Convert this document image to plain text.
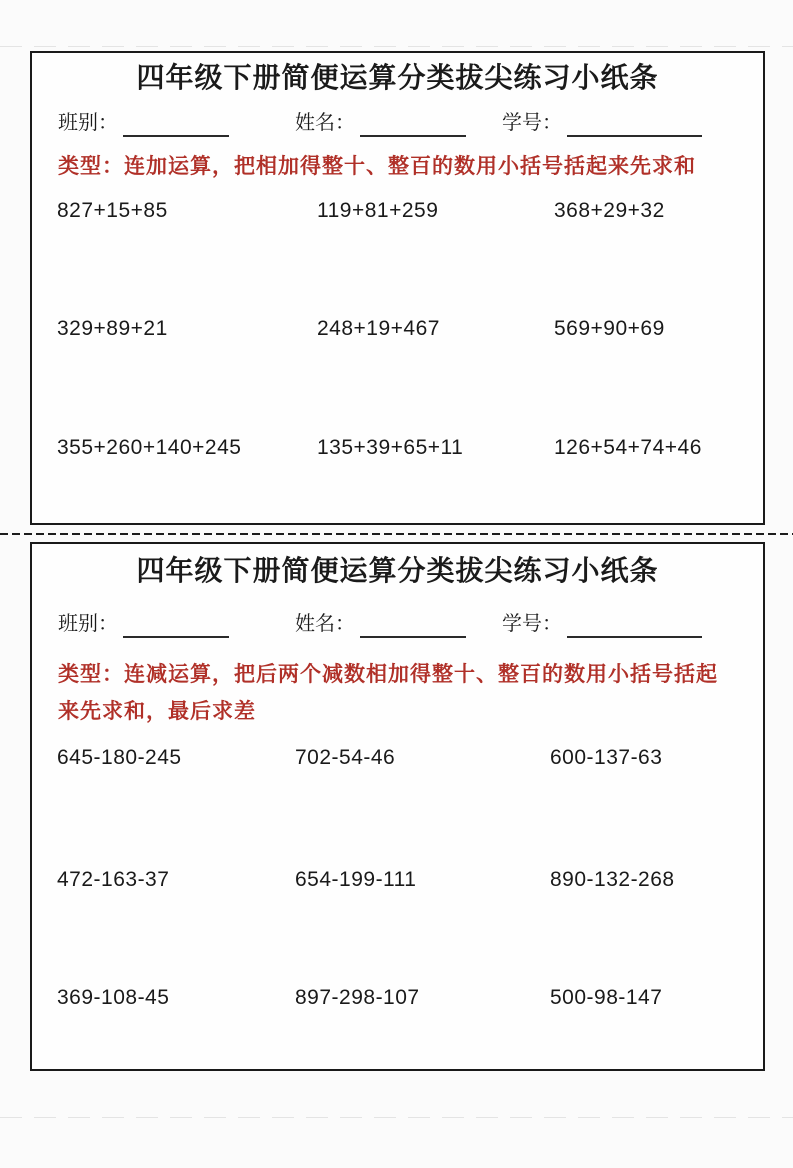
四年级下册简便运算分类拔尖练习小纸条
班别：	姓名：	学号：
类型：连加运算，把相加得整十、整百的数用小括号括起来先求和
827+15+85	119+81+259	368+29+32
329+89+21	248+19+467	569+90+69
355+260+140+245	135+39+65+11	126+54+74+46
四年级下册简便运算分类拔尖练习小纸条
班别：	姓名：	学号：
类型：连减运算，把后两个减数相加得整十、整百的数用小括号括起来先求和，最后求差
645-180-245	702-54-46	600-137-63
472-163-37	654-199-111	890-132-268
369-108-45	897-298-107	500-98-147
